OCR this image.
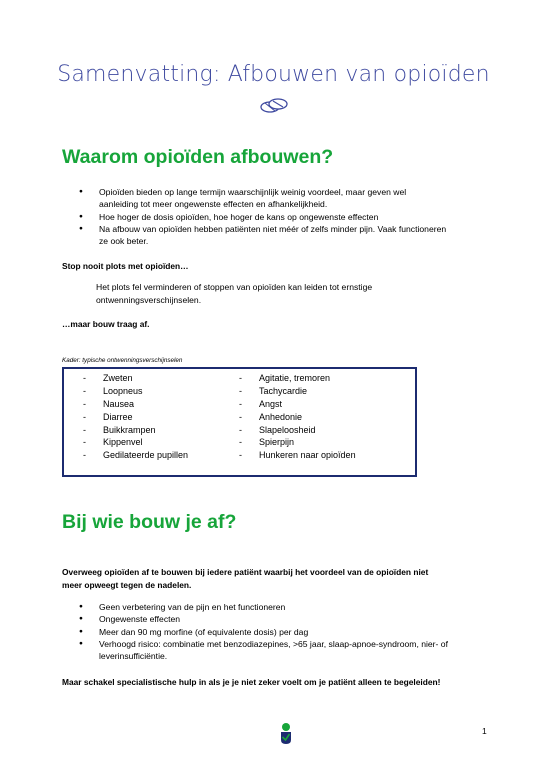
Samenvatting: Afbouwen van opioïden
Waarom opioïden afbouwen?
● Opioïden bieden op lange termijn waarschijnlijk weinig voordeel, maar geven wel
aanleiding tot meer ongewenste effecten en afhankelijkheid.
● Hoe hoger de dosis opioïden, hoe hoger de kans op ongewenste effecten
● Na afbouw van opioïden hebben patiënten niet méér of zelfs minder pijn. Vaak functioneren
ze ook beter.
Stop nooit plots met opioïden…
Het plots fel verminderen of stoppen van opioïden kan leiden tot ernstige
ontwenningsverschijnselen.
…maar bouw traag af.
Kader: typische ontwenningsverschijnselen
- Zweten
- Loopneus
- Nausea
- Diarree
- Buikkrampen
- Kippenvel
- Gedilateerde pupillen
- Agitatie, tremoren
- Tachycardie
- Angst
- Anhedonie
- Slapeloosheid
- Spierpijn
- Hunkeren naar opioïden
Bij wie bouw je af?
Overweeg opioïden af te bouwen bij iedere patiënt waarbij het voordeel van de opioïden niet
meer opweegt tegen de nadelen.
● Geen verbetering van de pijn en het functioneren
● Ongewenste effecten
● Meer dan 90 mg morfine (of equivalente dosis) per dag
● Verhoogd risico: combinatie met benzodiazepines, >65 jaar, slaap-apnoe-syndroom, nier- of
leverinsufficiëntie.
Maar schakel specialistische hulp in als je je niet zeker voelt om je patiënt alleen te begeleiden!
1
